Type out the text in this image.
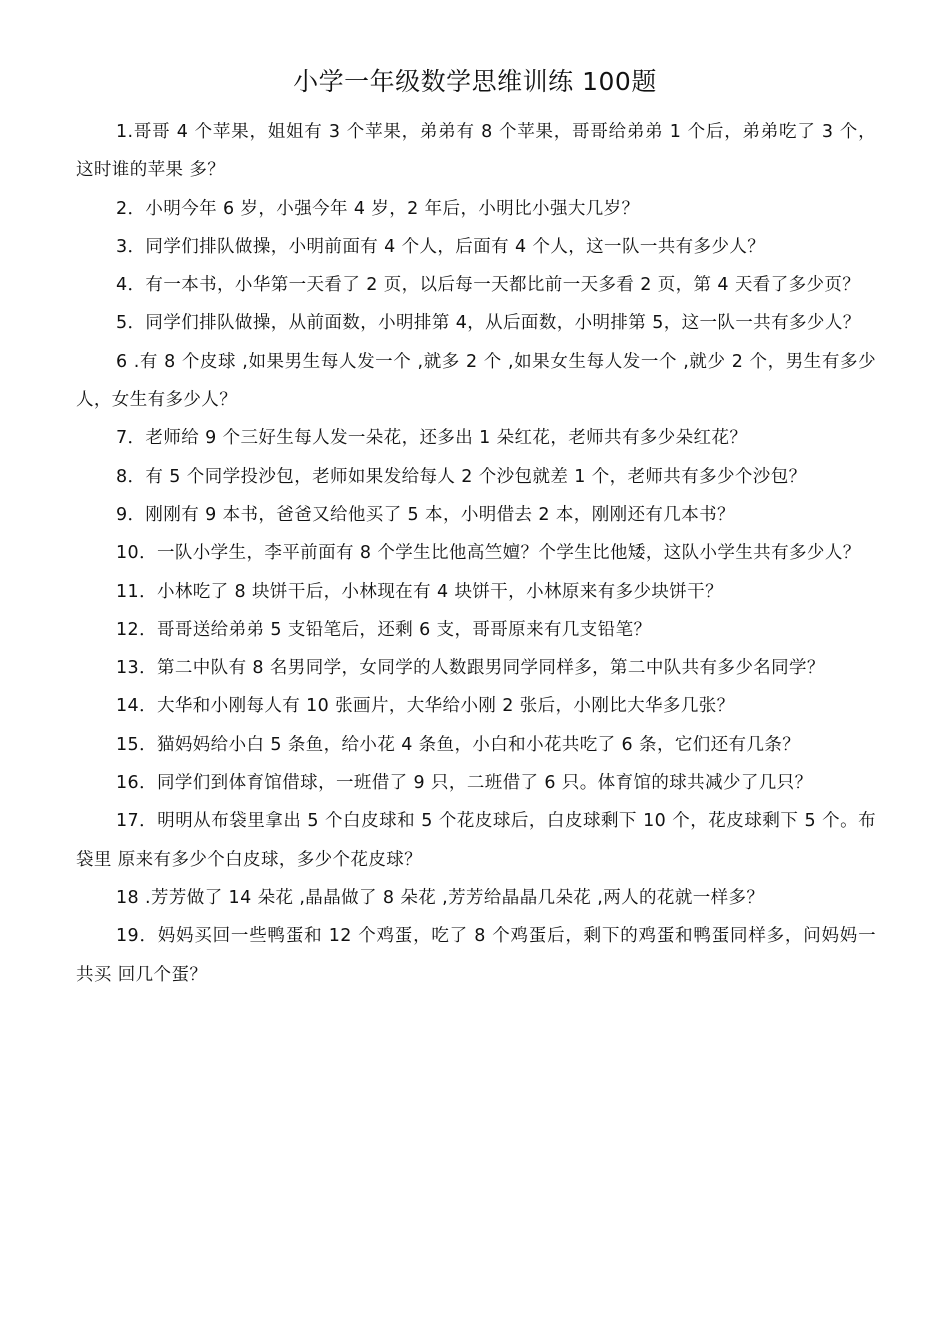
小学一年级数学思维训练 100题

1.哥哥 4 个苹果，姐姐有 3 个苹果，弟弟有 8 个苹果，哥哥给弟弟 1 个后，弟弟吃了 3 个，这时谁的苹果 多？

2．小明今年 6 岁，小强今年 4 岁，2 年后，小明比小强大几岁？

3．同学们排队做操，小明前面有 4 个人，后面有 4 个人，这一队一共有多少人？

4．有一本书，小华第一天看了 2 页，以后每一天都比前一天多看 2 页，第 4 天看了多少页？

5．同学们排队做操，从前面数，小明排第 4，从后面数，小明排第 5，这一队一共有多少人？

6 .有 8 个皮球 ,如果男生每人发一个 ,就多 2 个 ,如果女生每人发一个 ,就少 2 个，男生有多少 人，女生有多少人？

7．老师给 9 个三好生每人发一朵花，还多出 1 朵红花，老师共有多少朵红花？

8．有 5 个同学投沙包，老师如果发给每人 2 个沙包就差 1 个，老师共有多少个沙包？

9．刚刚有 9 本书，爸爸又给他买了 5 本，小明借去 2 本，刚刚还有几本书？

10．一队小学生，李平前面有 8 个学生比他高竺嬗？个学生比他矮，这队小学生共有多少人？

11．小林吃了 8 块饼干后，小林现在有 4 块饼干，小林原来有多少块饼干？

12．哥哥送给弟弟 5 支铅笔后，还剩 6 支，哥哥原来有几支铅笔？

13．第二中队有 8 名男同学，女同学的人数跟男同学同样多，第二中队共有多少名同学？

14．大华和小刚每人有 10 张画片，大华给小刚 2 张后，小刚比大华多几张？

15．猫妈妈给小白 5 条鱼，给小花 4 条鱼，小白和小花共吃了 6 条，它们还有几条？

16．同学们到体育馆借球，一班借了 9 只，二班借了 6 只。体育馆的球共减少了几只？

17．明明从布袋里拿出 5 个白皮球和 5 个花皮球后，白皮球剩下 10 个，花皮球剩下 5 个。布袋里 原来有多少个白皮球，多少个花皮球？

18 .芳芳做了 14 朵花 ,晶晶做了 8 朵花 ,芳芳给晶晶几朵花 ,两人的花就一样多？

19．妈妈买回一些鸭蛋和 12 个鸡蛋，吃了 8 个鸡蛋后，剩下的鸡蛋和鸭蛋同样多，问妈妈一共买 回几个蛋？
